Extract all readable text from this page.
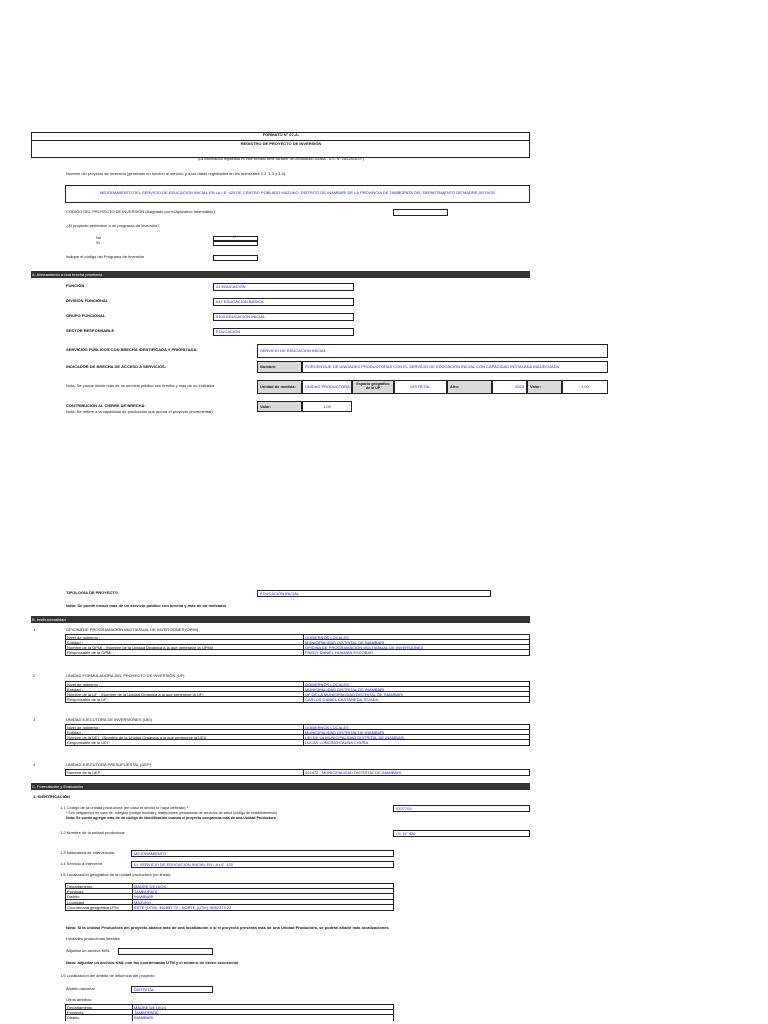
FORMATO N° 07-A:
REGISTRO DE PROYECTO DE INVERSIÓN
(La información registrada en este formato tiene carácter de Declaración Jurada - D.S. N° 284-2018-EF)
Nombre del proyecto de inversión (generado en función al servicio y a los datos registrados en los numerales 1.2, 1.3 y 1.4):
MEJORAMIENTO DEL SERVICIO DE EDUCACION INICIAL EN LA I.E. 420 DE CENTRO POBLADO MAZUKO, DISTRITO DE INAMBARI DE LA PROVINCIA DE TAMBOPATA DEL DEPARTAMENTO DE MADRE DE DIOS
CÓDIGO DEL PROYECTO DE INVERSIÓN (Asignado por el Aplicativo Informático):
¿El proyecto pertenece a un programa de inversión?
No
Sí
X
Indique el código del Programa de Inversión
A. Alineamiento a una brecha prioritaria
FUNCIÓN	22 EDUCACIÓN
DIVISIÓN FUNCIONAL	047 EDUCACIÓN BÁSICA
GRUPO FUNCIONAL	0103 EDUCACIÓN INICIAL
SECTOR RESPONSABLE	EDUCACION
SERVICIOS PÚBLICOS CON BRECHA IDENTIFICADA Y PRIORIZADA:	SERVICIO DE EDUCACION INICIAL
INDICADOR DE BRECHA DE ACCESO A SERVICIOS:	Nombre:	PORCENTAJE DE UNIDADES PRODUCTORAS CON EL SERVICIO DE EDUCACIÓN INICIAL CON CAPACIDAD INSTALADA INADECUADA
Nota: Se puede incluir más de un servicio público con brecha y más de un indicador	Unidad de medida:	UNIDAD PRODUCTORA	Espacio geográfico de la UP	DISTRITAL	Año:	2023	Valor:	1.00
CONTRIBUCIÓN AL CIERRE DE BRECHA:
Nota: Se refiere a la capacidad de producción que aporta el proyecto (incremental)
Valor:	1.00
TIPOLOGÍA DE PROYECTO	EDUCACIÓN INICIAL
Nota: Se puede incluir más de un servicio público con brecha y más de un indicador
B. Institucionalidad
1	OFICINA DE PROGRAMACIÓN MULTIANUAL DE INVERSIONES (OPMI)
Nivel de gobierno :	GOBIERNOS LOCALES
Entidad :	MUNICIPALIDAD DISTRITAL DE INAMBARI
Nombre de la OPMI : (Nombre de la Unidad Orgánica a la que pertenece la OPMI)	OFICINA DE PROGRAMACIÓN MULTIANUAL DE INVERSIONES
Responsable de la OPMI :	FREDY DANIEL HUAMAN ESCOBAR
2	UNIDAD FORMULADORA DEL PROYECTO DE INVERSIÓN (UF)
Nivel de gobierno :	GOBIERNOS LOCALES
Entidad :	MUNICIPALIDAD DISTRITAL DE INAMBARI
Nombre de la UF : (Nombre de la Unidad Orgánica a la que pertenece la UF)	UF DE LA MUNICIPALIDAD DISTRITAL DE INAMBARI
Responsable de la UF :	CARLOS DANIEL CASTANEDA TEJADA
3	UNIDAD EJECUTORA DE INVERSIONES (UEI)
Nivel de gobierno :	GOBIERNOS LOCALES
Entidad :	MUNICIPALIDAD DISTRITAL DE INAMBARI
Nombre de la UEI : (Nombre de la Unidad Orgánica a la que pertenece la UEI)	UEI DE LA MUNICIPALIDAD DISTRITAL DE INAMBARI
Responsable de la UEI :	LUCAS LONGINO CAUNA CHURA
4	UNIDAD EJECUTORA PRESUPUESTAL (UEP)
Nombre de la UEP	301472 - MUNICIPALIDAD DISTRITAL DE INAMBARI
C. Formulación y Evaluación
1. IDENTIFICACIÓN
1.1 Código de la unidad productora (en caso el sector lo haya definido) *
* Son obligatorios en caso de: colegios (código modular), instituciones prestadoras de servicios de salud (código de establecimiento)
Nota: Se puede agregar más de un código de identificación cuando el proyecto comprenda más de una Unidad Productora
0707703
1.2 Nombre de la unidad productora:	I.E. N° 420
1.3 Naturaleza de intervención:	MEJORAMIENTO
1.4 Servicio a Intervenir:	EL SERVICIO DE EDUCACION INICIAL EN LA I.E. 420
1.5 Localización geográfica de la unidad productora (no lineal):
Departamento	MADRE DE DIOS
Provincia	TAMBOPATA
Distrito	INAMBARI
Localidad	MAZUKO
Coordenada geográfica UTM	ESTE (UTM): 362857.70 - NORTE (UTM): 8552373.22
Nota: Si la Unidad Productora del proyecto abarca más de una localización o si el proyecto presenta más de una Unidad Productora, se podrán añadir más localizaciones
Unidades productoras lineales
Adjuntar un archivo KML
Nota: adjuntar un archivo KML con las coordenadas UTM y el número de orden secuencial
1.6 Localización del ámbito de influencia del proyecto
Ámbito nacional	DISTRITAL
Otros ámbitos:
Departamento	MADRE DE DIOS
Provincia	TAMBOPATA
Distrito	INAMBARI
